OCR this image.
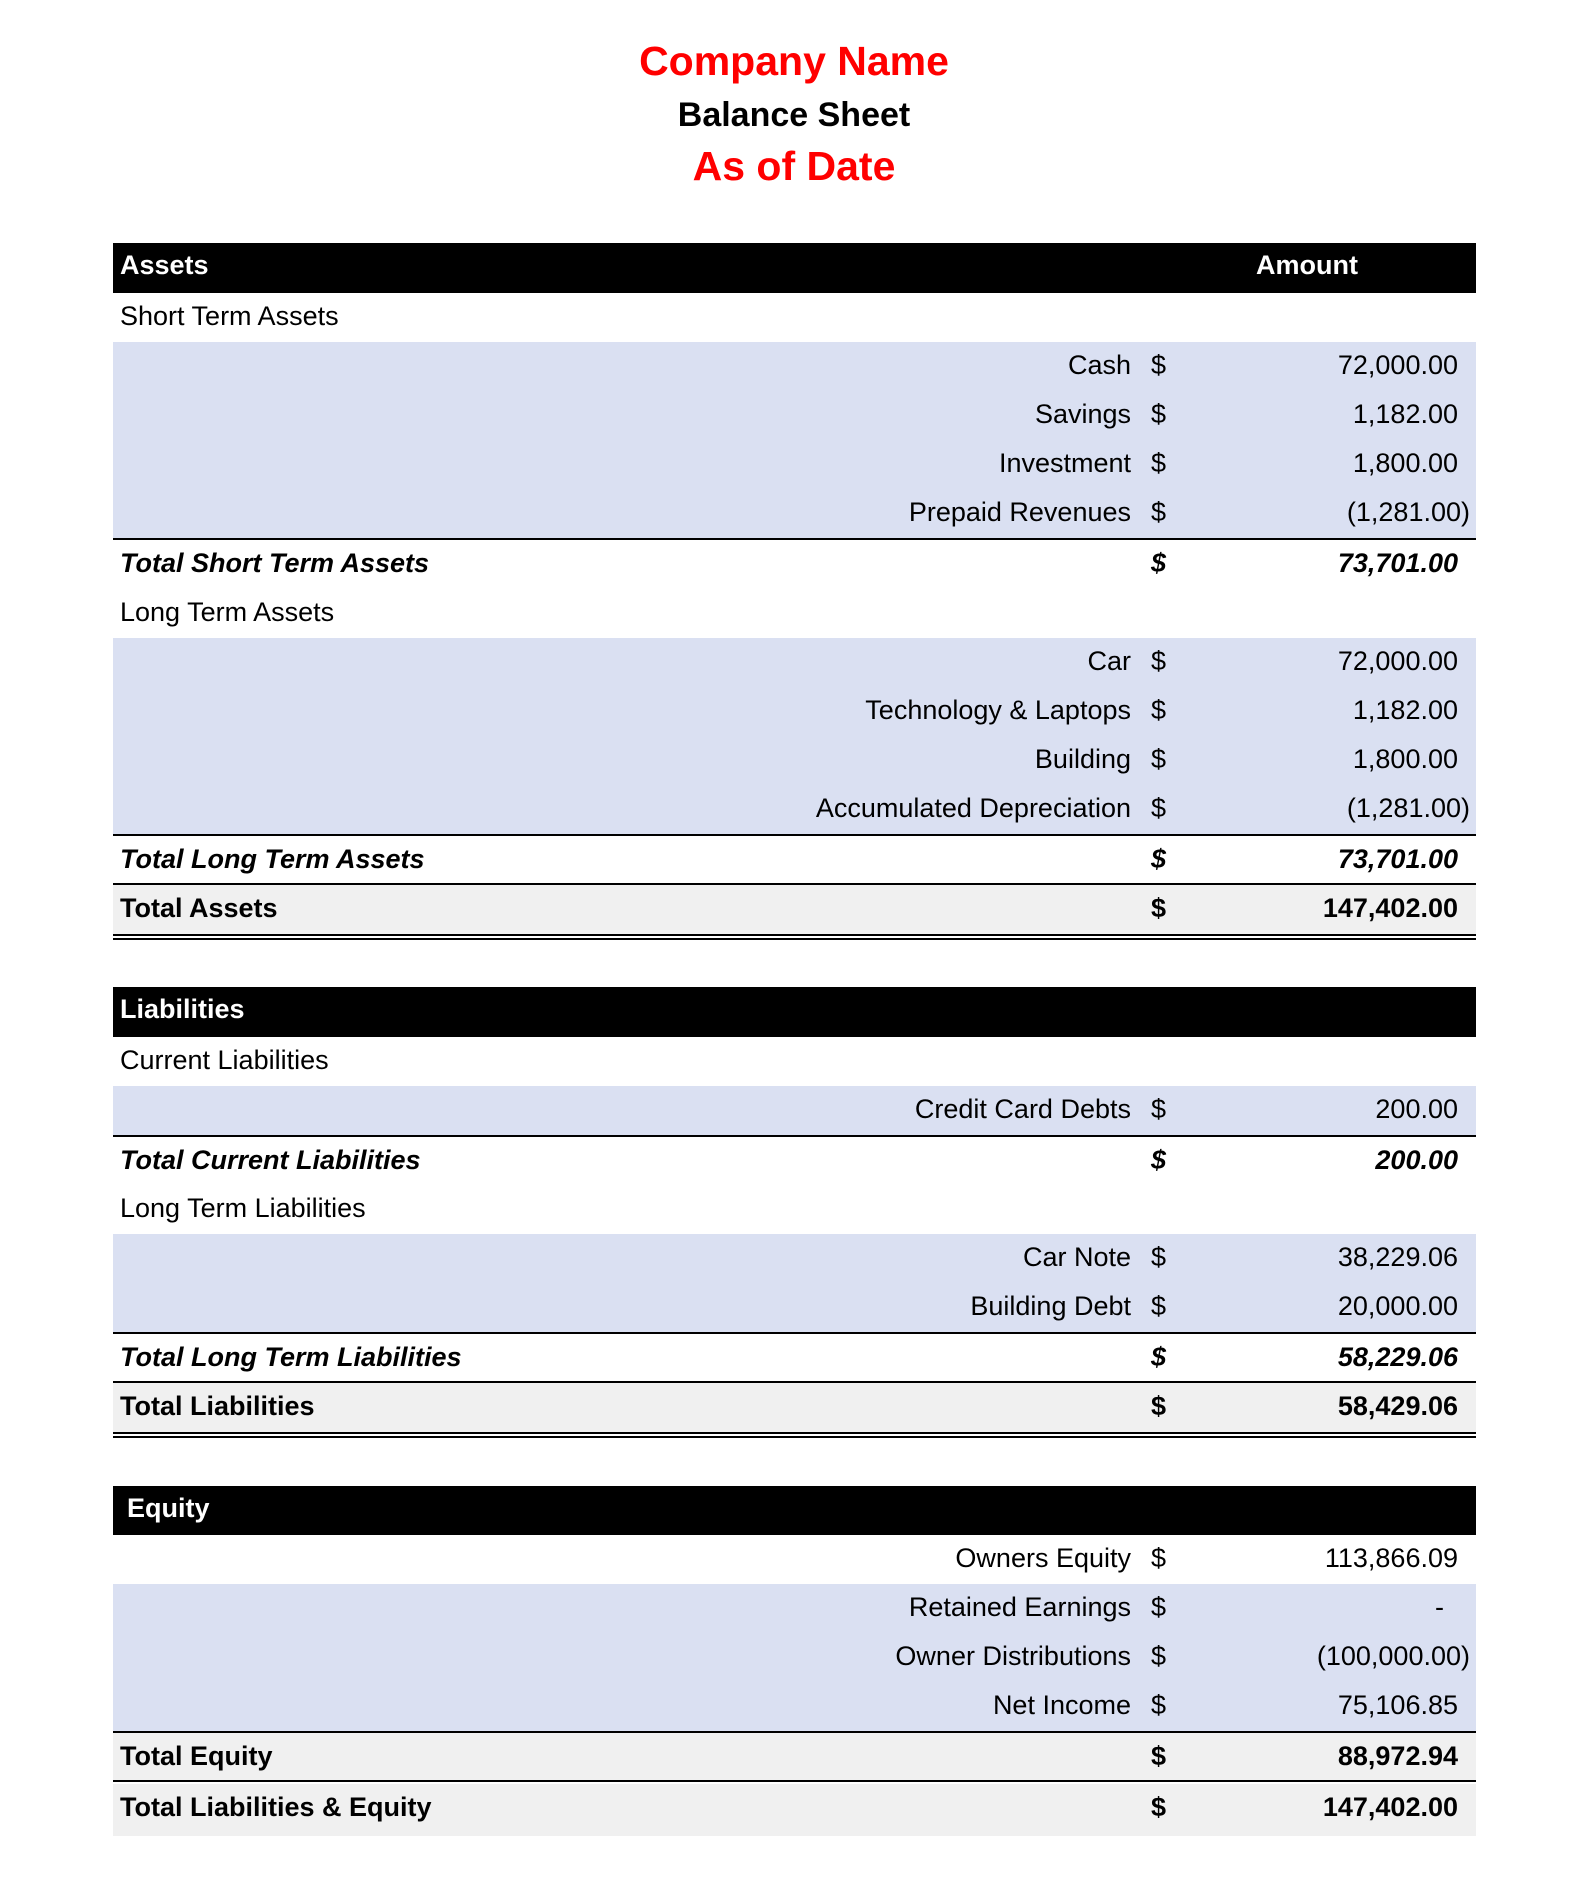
Company Name
Balance Sheet
As of Date
Assets	Amount
Short Term Assets
Cash $	72,000.00
Savings $	1,182.00
Investment $	1,800.00
Prepaid Revenues $	(1,281.00)
Total Short Term Assets	$	73,701.00
Long Term Assets
Car $	72,000.00
Technology & Laptops $	1,182.00
Building $	1,800.00
Accumulated Depreciation $	(1,281.00)
Total Long Term Assets	$	73,701.00
Total Assets	$	147,402.00
Liabilities
Current Liabilities
Credit Card Debts $	200.00
Total Current Liabilities	$	200.00
Long Term Liabilities
Car Note $	38,229.06
Building Debt $	20,000.00
Total Long Term Liabilities	$	58,229.06
Total Liabilities	$	58,429.06
Equity
Owners Equity $	113,866.09
Retained Earnings $	-
Owner Distributions $	(100,000.00)
Net Income $	75,106.85
Total Equity	$	88,972.94
Total Liabilities & Equity	$	147,402.00
